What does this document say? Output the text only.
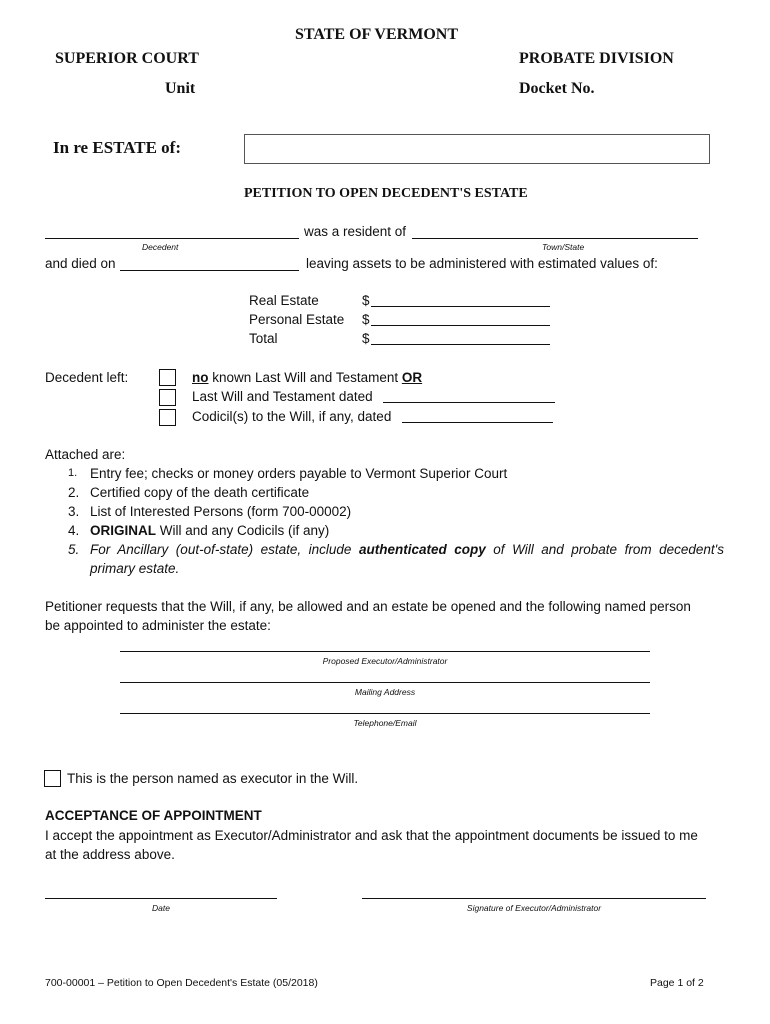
STATE OF VERMONT
SUPERIOR COURT	PROBATE DIVISION
Unit	Docket No.
In re ESTATE of:
PETITION TO OPEN DECEDENT'S ESTATE
was a resident of
Decedent	Town/State
and died on	leaving assets to be administered with estimated values of:
Real Estate	$
Personal Estate $
Total	$
Decedent left:	no known Last Will and Testament OR
Last Will and Testament dated
Codicil(s) to the Will, if any, dated
Attached are:
1. Entry fee; checks or money orders payable to Vermont Superior Court
2. Certified copy of the death certificate
3. List of Interested Persons (form 700-00002)
4. ORIGINAL Will and any Codicils (if any)
5. For Ancillary (out-of-state) estate, include authenticated copy of Will and probate from decedent's
primary estate.
Petitioner requests that the Will, if any, be allowed and an estate be opened and the following named person
be appointed to administer the estate:
Proposed Executor/Administrator
Mailing Address
Telephone/Email
This is the person named as executor in the Will.
ACCEPTANCE OF APPOINTMENT
I accept the appointment as Executor/Administrator and ask that the appointment documents be issued to me
at the address above.
Date	Signature of Executor/Administrator
700-00001 – Petition to Open Decedent's Estate (05/2018)	Page 1 of 2
